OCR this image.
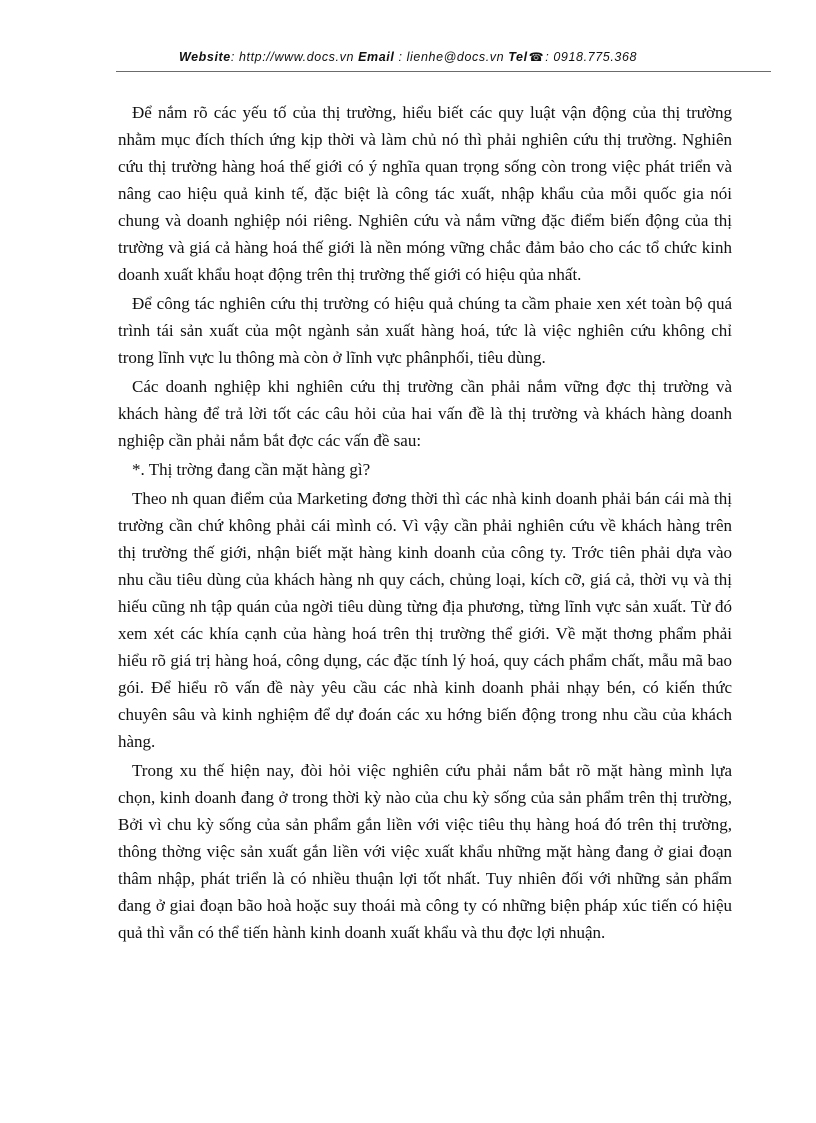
Website: http://www.docs.vn Email : lienhe@docs.vn Tel☎: 0918.775.368

Để nắm rõ các yếu tố của thị trường, hiểu biết các quy luật vận động của thị trường nhằm mục đích thích ứng kịp thời và làm chủ nó thì phải nghiên cứu thị trường. Nghiên cứu thị trường hàng hoá thế giới có ý nghĩa quan trọng sống còn trong việc phát triển và nâng cao hiệu quả kinh tế, đặc biệt là công tác xuất, nhập khẩu của mỗi quốc gia nói chung và doanh nghiệp nói riêng. Nghiên cứu và nắm vững đặc điểm biến động của thị trường và giá cả hàng hoá thế giới là nền móng vững chắc đảm bảo cho các tổ chức kinh doanh xuất khẩu hoạt động trên thị trường thế giới có hiệu qủa nhất.

Để công tác nghiên cứu thị trường có hiệu quả chúng ta cầm phaie xen xét toàn bộ quá trình tái sản xuất của một ngành sản xuất hàng hoá, tức là việc nghiên cứu không chỉ trong lĩnh vực lu thông mà còn ở lĩnh vực phânphối, tiêu dùng.

Các doanh nghiệp khi nghiên cứu thị trường cần phải nắm vững đợc thị trường và khách hàng để trả lời tốt các câu hỏi của hai vấn đề là thị trường và khách hàng doanh nghiệp cần phải nắm bắt đợc các vấn đề sau:

*. Thị trờng đang cần mặt hàng gì?

Theo nh quan điểm của Marketing đơng thời thì các nhà kinh doanh phải bán cái mà thị trường cần chứ không phải cái mình có. Vì vậy cần phải nghiên cứu về khách hàng trên thị trường thế giới, nhận biết mặt hàng kinh doanh của công ty. Trớc tiên phải dựa vào nhu cầu tiêu dùng của khách hàng nh quy cách, chủng loại, kích cỡ, giá cả, thời vụ và thị hiếu cũng nh tập quán của ngời tiêu dùng từng địa phương, từng lĩnh vực sản xuất. Từ đó xem xét các khía cạnh của hàng hoá trên thị trường thể giới. Về mặt thơng phẩm phải hiểu rõ giá trị hàng hoá, công dụng, các đặc tính lý hoá, quy cách phẩm chất, mẫu mã bao gói. Để hiểu rõ vấn đề này yêu cầu các nhà kinh doanh phải nhạy bén, có kiến thức chuyên sâu và kinh nghiệm để dự đoán các xu hớng biến động trong nhu cầu của khách hàng.

Trong xu thế hiện nay, đòi hỏi việc nghiên cứu phải nắm bắt rõ mặt hàng mình lựa chọn, kinh doanh đang ở trong thời kỳ nào của chu kỳ sống của sản phẩm trên thị trường, Bởi vì chu kỳ sống của sản phẩm gắn liền với việc tiêu thụ hàng hoá đó trên thị trường, thông thờng việc sản xuất gắn liền với việc xuất khẩu những mặt hàng đang ở giai đoạn thâm nhập, phát triển là có nhiều thuận lợi tốt nhất. Tuy nhiên đối với những sản phẩm đang ở giai đoạn bão hoà hoặc suy thoái mà công ty có những biện pháp xúc tiến có hiệu quả thì vẫn có thể tiến hành kinh doanh xuất khẩu và thu đợc lợi nhuận.
